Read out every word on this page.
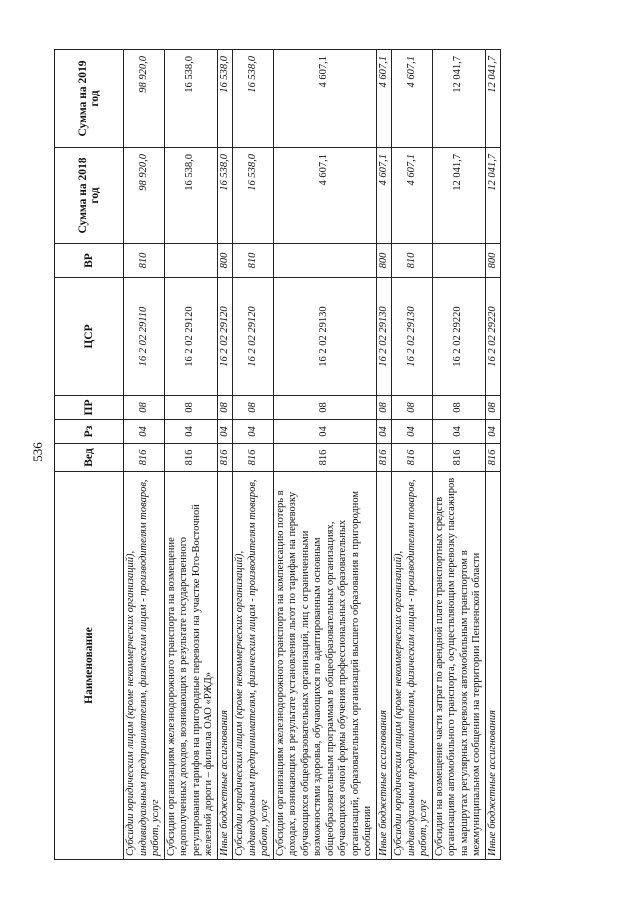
536
Наименование	Вед	Рз	ПР	ЦСР	ВР	Сумма на 2018 год	Сумма на 2019 год
Субсидии юридическим лицам (кроме некоммерческих организаций), индивидуальным предпринимателям, физическим лицам - производителям товаров, работ, услуг	816	04	08	16 2 02 29110	810	98 920,0	98 920,0
Субсидии организациям железнодорожного транспорта на возмещение недополученных доходов, возникающих в результате государственного регулирования тарифов на пригородные перевозки на участке Юго-Восточной железной дороги – филиала ОАО «РЖД»	816	04	08	16 2 02 29120		16 538,0	16 538,0
Иные бюджетные ассигнования	816	04	08	16 2 02 29120	800	16 538,0	16 538,0
Субсидии юридическим лицам (кроме некоммерческих организаций), индивидуальным предпринимателям, физическим лицам - производителям товаров, работ, услуг	816	04	08	16 2 02 29120	810	16 538,0	16 538,0
Субсидии организациям железнодорожного транспорта на компенсацию потерь в доходах, возникающих в результате установления льгот по тарифам на перевозку обучающихся общеобразовательных организаций, лиц с ограниченными возможностями здоровья, обучающихся по адаптированным основным общеобразовательным программам в общеобразовательных организациях, обучающихся очной формы обучения профессиональных образовательных организаций, образовательных организаций высшего образования в пригородном сообщении	816	04	08	16 2 02 29130		4 607,1	4 607,1
Иные бюджетные ассигнования	816	04	08	16 2 02 29130	800	4 607,1	4 607,1
Субсидии юридическим лицам (кроме некоммерческих организаций), индивидуальным предпринимателям, физическим лицам - производителям товаров, работ, услуг	816	04	08	16 2 02 29130	810	4 607,1	4 607,1
Субсидии на возмещение части затрат по арендной плате транспортных средств организациям автомобильного транспорта, осуществляющим перевозку пассажиров на маршрутах регулярных перевозок автомобильным транспортом в межмуниципальном сообщении на территории Пензенской области	816	04	08	16 2 02 29220		12 041,7	12 041,7
Иные бюджетные ассигнования	816	04	08	16 2 02 29220	800	12 041,7	12 041,7
